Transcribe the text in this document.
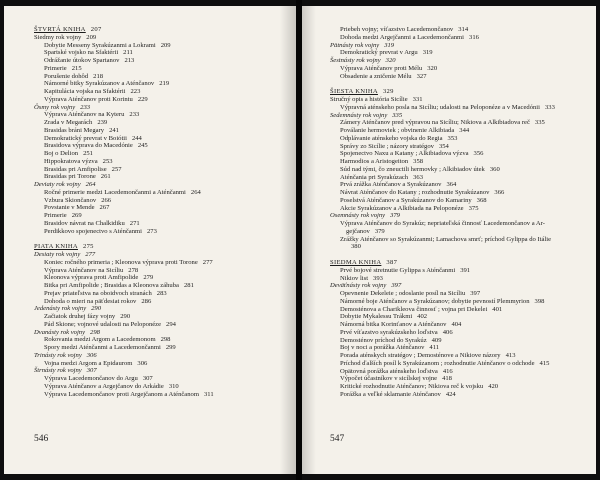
ŠTVRTÁ KNIHA 207
Siedmy rok vojny 209
Dobytie Messeny Syrakúzanmi a Lokrami 209
Spartské vojsko na Sfaktérii 211
Odrážanie útokov Spartanov 213
Primerie 215
Porušenie dohôd 218
Námorné bitky Syrakúzanov a Aténčanov 219
Kapitulácia vojska na Sfaktérii 223
Výprava Aténčanov proti Korintu 229
Ôsmy rok vojny 233
Výprava Aténčanov na Kyteru 233
Zrada v Megarách 239
Brasidas bráni Megary 241
Demokratický prevrat v Boiótii 244
Brasidova výprava do Macedónie 245
Boj o Delion 251
Hippokratova výzva 253
Brasidas pri Amfipolise 257
Brasidas pri Torone 261
Deviaty rok vojny 264
Ročné primerie medzi Lacedemončanmi a Aténčanmi 264
Vzbura Skiončanov 266
Povstanie v Mende 267
Primerie 269
Brasidov návrat na Chalkidiku 271
Perdikkovo spojenectvo s Aténčanmi 273
PIATA KNIHA 275
Desiaty rok vojny 277
Koniec ročného primeria ; Kleonova výprava proti Torone 277
Výprava Aténčanov na Sicíliu 278
Kleonova výprava proti Amfipolide 279
Bitka pri Amfipolide ; Brasidas a Kleonova záhuba 281
Prejav priateľstva na oboidvoch stranách 283
Dohoda o mieri na päťdesiat rokov 286
Jedenásty rok vojny 290
Začiatok druhej fázy vojny 290
Pád Skione; vojnové udalosti na Peloponéze 294
Dvanásty rok vojny 298
Rokovania medzi Argom a Lacedemonom 298
Spory medzi Aténčanmi a Lacedemončanmi 299
Trinásty rok vojny 306
Vojna medzi Argom a Epidaurom 306
Štrnásty rok vojny 307
Výprava Lacedemončanov do Argu 307
Výprava Aténčanov a Argejčanov do Arkádie 310
Výprava Lacedemončanov proti Argejčanom a Aténčanom 311
546
Priebeh vojny; víťazstvo Lacedemončanov 314
Dohoda medzi Argejčanmi a Lacedemončanmi 316
Pätnásty rok vojny 319
Demokratický prevrat v Argu 319
Šestnásty rok vojny 320
Výprava Aténčanov proti Mélu 320
Obsadenie a zničenie Mélu 327
ŠIESTA KNIHA 329
Stručný opis a história Sicílie 331
Výpravná aténskeho posla na Sicíliu; udalosti na Peloponéze a v Macedónii 333
Sedemnásty rok vojny 335
Zámery Aténčanov pred výpravou na Sicíliu; Nikiova a Alkibiadova reč 335
Poválanie hermoviek ; obvinenie Alkibiada 344
Odplávanie aténskeho vojska do Regia 353
Správy zo Sicílie ; názory stratégov 354
Spojenectvo Naxu a Katany ; Alkibiadova výzva 356
Harmodios a Aristogeiton 358
Súd nad tými, čo zneuctili hermovky ; Alkibiadov útek 360
Aténčania pri Syrakúzach 363
Prvá zrážka Aténčanov a Syrakúzanov 364
Návrat Aténčanov do Katany ; rozhodnutie Syrakúzanov 366
Poselstvá Aténčanov a Syrakúzanov do Kamariny 368
Akcie Syrakúzanov a Alkibiada na Peloponéze 375
Osemnásty rok vojny 379
Výprava Aténčanov do Syrakúz; nepriateľská činnosť Lacedemončanov a Ar-
gejčanov 379
Zrážky Aténčanov so Syrakúzanmi; Lamachova smrť; príchod Gylippa do Itálie
380
SIEDMA KNIHA 387
Prvé bojové stretnutie Gylippa s Aténčanmi 391
Nikiov list 393
Deväťnásty rok vojny 397
Opevnenie Dekeleie ; odoslanie posíl na Sicíliu 397
Námorné boje Aténčanov a Syrakúzanov; dobytie pevností Plemmyrion 398
Demosténova a Charikleova činnosť ; vojna pri Dekelei 401
Dobytie Mykalessu Trákmi 402
Námorná bitka Korinťanov a Aténčanov 404
Prvé víťazstvo syrakúzskeho loďstva 406
Demosténov príchod do Syrakúz 409
Boj v noci a porážka Aténčanov 411
Porada aténskych stratégov ; Demosténove a Nikiove názory 413
Príchod ďalších posíl k Syrakúzanom ; rozhodnutie Aténčanov o odchode 415
Opätovná porážka aténskeho loďstva 416
Výpočet účastníkov v sicílskej vojne 418
Kritické rozhodnutie Aténčanov; Nikiova reč k vojsku 420
Porážka a veľké sklamanie Aténčanov 424
547
